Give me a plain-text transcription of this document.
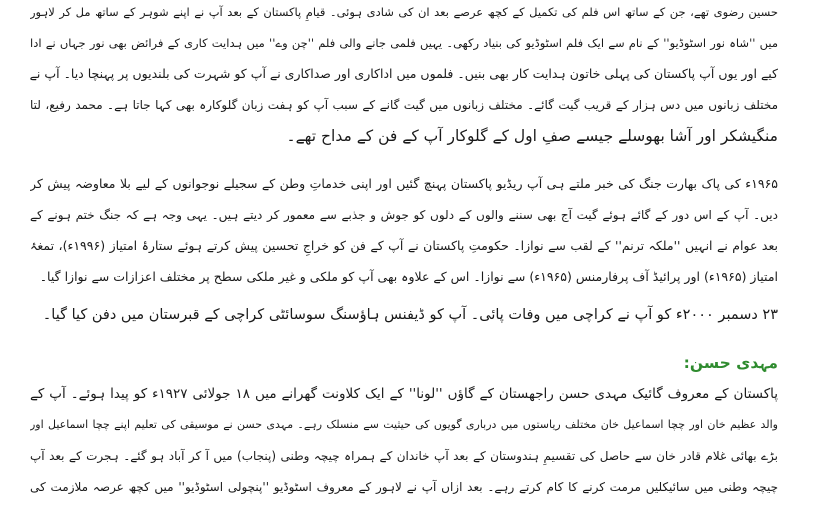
حسین رضوی تھے، جن کے ساتھ اس فلم کی تکمیل کے کچھ عرصے بعد ان کی شادی ہوئی۔ قیامِ پاکستان کے بعد آپ نے اپنے شوہر کے ساتھ مل کر لاہور
میں ''شاہ نور اسٹوڈیو'' کے نام سے ایک فلم اسٹوڈیو کی بنیاد رکھی۔ یہیں فلمی جانے والی فلم ''چن وے'' میں ہدایت کاری کے فرائض بھی نور جہاں نے ادا
کیے اور یوں آپ پاکستان کی پہلی خاتون ہدایت کار بھی بنیں۔ فلموں میں اداکاری اور صداکاری نے آپ کو شہرت کی بلندیوں پر پہنچا دیا۔ آپ نے
مختلف زبانوں میں دس ہزار کے قریب گیت گائے۔ مختلف زبانوں میں گیت گانے کے سبب آپ کو ہفت زبان گلوکارہ بھی کہا جاتا ہے۔ محمد رفیع، لتا
منگیشکر اور آشا بھوسلے جیسے صفِ اول کے گلوکار آپ کے فن کے مداح تھے۔
۱۹۶۵ء کی پاک بھارت جنگ کی خبر ملتے ہی آپ ریڈیو پاکستان پہنچ گئیں اور اپنی خدماتِ وطن کے سجیلے نوجوانوں کے لیے بلا معاوضہ پیش کر
دیں۔ آپ کے اس دور کے گائے ہوئے گیت آج بھی سننے والوں کے دلوں کو جوش و جذبے سے معمور کر دیتے ہیں۔ یہی وجہ ہے کہ جنگ ختم ہونے کے
بعد عوام نے انہیں ''ملکہ ترنم'' کے لقب سے نوازا۔ حکومتِ پاکستان نے آپ کے فن کو خراجِ تحسین پیش کرتے ہوئے ستارۂ امتیاز (۱۹۹۶ء)، تمغۂ
امتیاز (۱۹۶۵ء) اور پرائیڈ آف پرفارمنس (۱۹۶۵ء) سے نوازا۔ اس کے علاوہ بھی آپ کو ملکی و غیر ملکی سطح پر مختلف اعزازات سے نوازا گیا۔
۲۳ دسمبر ۲۰۰۰ء کو آپ نے کراچی میں وفات پائی۔ آپ کو ڈیفنس ہاؤسنگ سوسائٹی کراچی کے قبرستان میں دفن کیا گیا۔
مہدی حسن:
پاکستان کے معروف گائیک مہدی حسن راجھستان کے گاؤں ''لونا'' کے ایک کلاونت گھرانے میں ۱۸ جولائی ۱۹۲۷ء کو پیدا ہوئے۔ آپ کے
والد عظیم خان اور چچا اسماعیل خان مختلف ریاستوں میں درباری گویوں کی حیثیت سے منسلک رہے۔ مہدی حسن نے موسیقی کی تعلیم اپنے چچا اسماعیل اور
بڑے بھائی غلام قادر خان سے حاصل کی تقسیمِ ہندوستان کے بعد آپ خاندان کے ہمراہ چیچہ وطنی (پنجاب) میں آ کر آباد ہو گئے۔ ہجرت کے بعد آپ
چیچہ وطنی میں سائیکلیں مرمت کرنے کا کام کرتے رہے۔ بعد ازاں آپ نے لاہور کے معروف اسٹوڈیو ''پنچولی اسٹوڈیو'' میں کچھ عرصہ ملازمت کی
